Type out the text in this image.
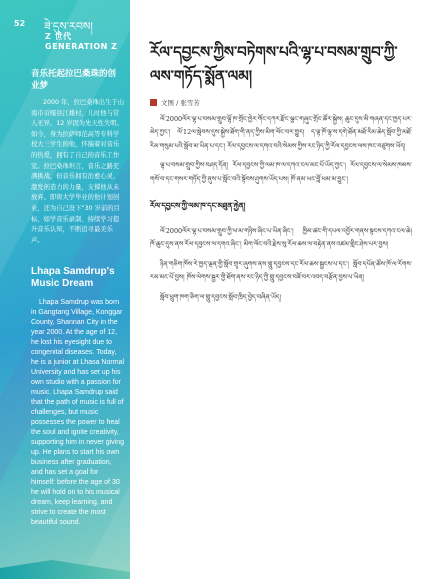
52 ཟེ་དུས་རབས།
Z 世代 GENERATION Z

音乐托起拉巴桑珠的创业梦

2000 年，拉巴桑珠出生于山南市贡嘎县江雄村，儿时他与常人无异，12 岁因为先天性失明。如今，身为拉萨师范高等专科学校大三学生的他，怀揣着对音乐的热爱，拥有了自己的音乐工作室。拉巴桑珠坦言，音乐之路充满挑战，但音乐拥有治愈心灵、激发创造力的力量，支撑他从未放弃。即将大学毕业的他计划创业，还为自己设下“30 岁前的目标，如学音乐录制、持续学习提升音乐认知，不断追寻最美乐声。

Lhapa Samdrup's Music Dream

Lhapa Samdrup was born in Gangtang Village, Konggar County, Shannan City in the year 2000. At the age of 12, he lost his eyesight due to congenital diseases. Today, he is a junior at Lhasa Normal University and has set up his own studio with a passion for music. Lhapa Samdrup said that the path of music is full of challenges, but music possesses the power to heal the soul and ignite creativity, supporting him in never giving up. He plans to start his own business after graduation, and has set a goal for himself: before the age of 30 he will hold on to his musical dream, keep learning, and strive to create the most beautiful sound.

རོལ་དབྱངས་ཀྱིས་བཏེགས་པའི་ལྷ་པ་བསམ་གྲུབ་ཀྱི་ལས་གཏོད་སྨོན་ལམ།
文图 / 张雪芳

ལོ་2000ལོར་ལྷ་པ་བསམ་གྲུབ་ལྷོ་ཁ་གྲོང་ཁྱེར་གོང་དཀར་རྫོང་ལྕང་གཞུང་གྲོང་ཚོར་སྐྱེས། ཆུང་དུས་མི་གཞན་དང་ཁྱད་པར་མེད་ཀྱང་། ལོ་12ལ་སླེབས་དུས་སྐྱེས་ཐོག་གི་ནད་ཀྱིས་མིག་ལོང་བར་གྱུར། ད་ལྟ་ཁོ་ལྷ་ས་དགེ་ཐོན་མཐོ་རིམ་ཆེད་སློབ་ཀྱི་མཐོ་རིམ་གསུམ་པའི་སློབ་མ་ཡིན་པ་དང་། རོལ་དབྱངས་ལ་དགའ་བའི་སེམས་ཀྱིས་རང་ཉིད་ཀྱི་རོལ་དབྱངས་ལས་ཁང་བཙུགས་ཡོད།

ལྷ་པ་བསམ་གྲུབ་ཀྱིས་བཤད་དོན། རོལ་དབྱངས་ཀྱི་ལམ་ཁ་ལ་དཀའ་ངལ་མང་པོ་ཡོད་ཀྱང་། རོལ་དབྱངས་ལ་སེམས་ཁམས་གསོ་བ་དང་གསར་གཏོད་ཀྱི་ནུས་པ་སློང་བའི་སྟོབས་ཤུགས་ཡོད་པས། ཁོ་ནམ་ཡང་བློ་ཕམ་མ་བྱུང་།

རོལ་དབྱངས་ཀྱི་ལམ་ཁ་དང་མཐུན་རྐྱེན།

ལོ་2000ལོར་ལྷ་པ་བསམ་གྲུབ་ཀྱི་ཕ་མ་གཉིས་ཞིང་པ་ཡིན་ཞིང་། ཁྱིམ་ཚང་གི་དཔལ་འབྱོར་གནས་སྟངས་དཀའ་ངལ་ཆེ། ཁོ་ཆུང་དུས་ནས་རོལ་དབྱངས་ལ་དགའ་ཞིང་། མིག་ལོང་བའི་རྗེས་སུ་རོལ་ཆས་ལ་བརྟེན་ནས་འཛམ་གླིང་ཤེས་པར་བྱས།

ཉིན་གཅིག་ཁོས་རེ་ཁྱད་ལྡན་གྱི་སློབ་གྲྭར་ཞུགས་ནས་གླུ་དབྱངས་དང་རོལ་ཆས་སྦྱངས་པ་དང་། སློབ་དཔོན་ཚོས་ཁོ་ལ་རོགས་རམ་མང་པོ་བྱས། ཁོས་ལེགས་སྦྱར་གྱི་ཐོག་ནས་རང་ཉིད་ཀྱི་གླུ་དབྱངས་བཟོ་བར་འབད་བརྩོན་བྱས་པ་ཡིན།

སློབ་ཕྲུག་ཁག་ཅིག་ལ་གླུ་དབྱངས་སློབ་ཁྲིད་བྱེད་བཞིན་ཡོད།
